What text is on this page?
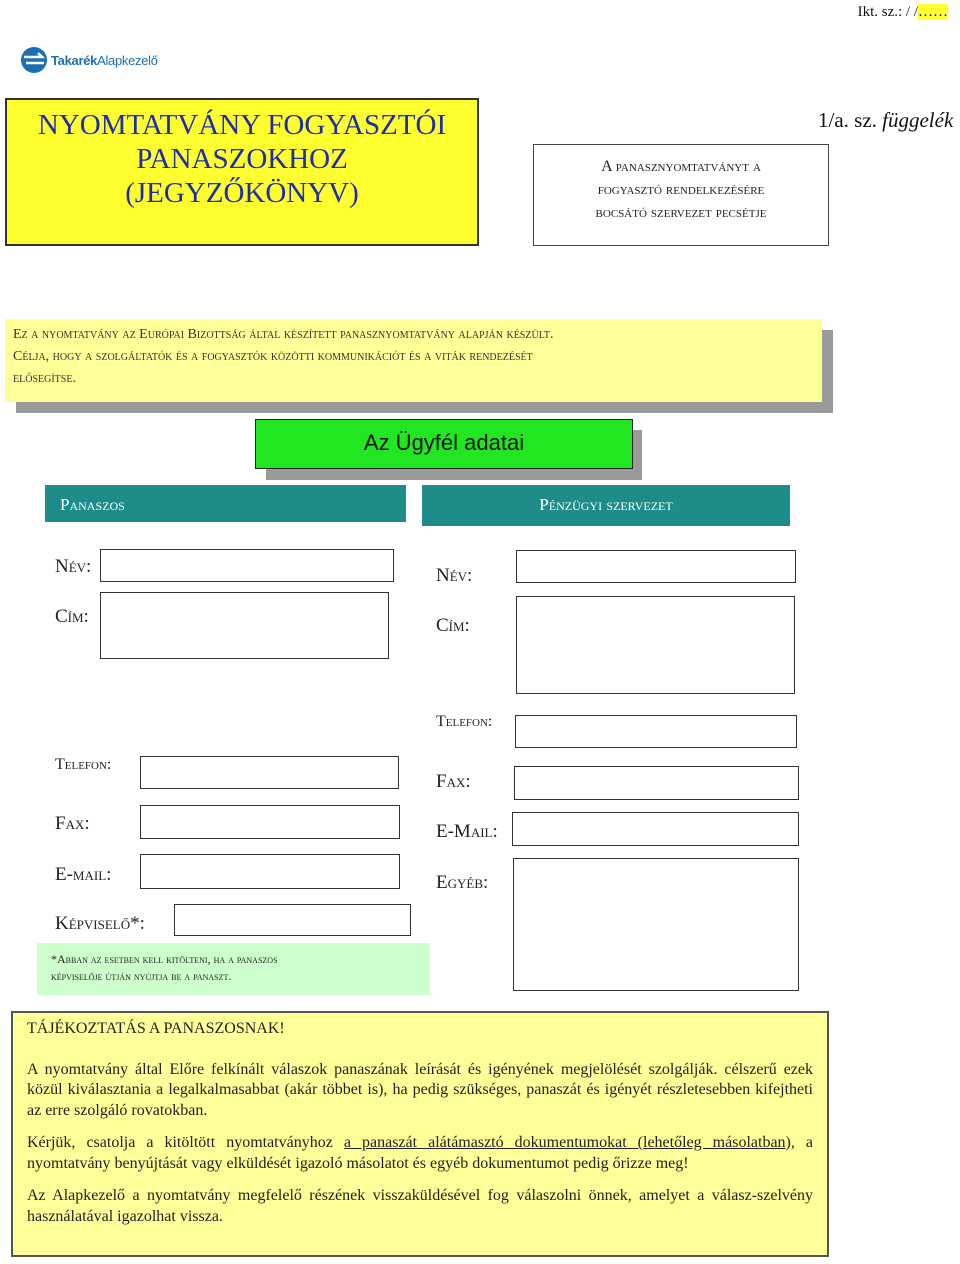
Ikt. sz.: / /……
TakarékAlapkezelő
NYOMTATVÁNY FOGYASZTÓI
PANASZOKHOZ
(JEGYZŐKÖNYV)
1/a. sz. függelék
A panasznyomtatványt a
fogyasztó rendelkezésére
bocsátó szervezet pecsétje
Ez a nyomtatvány az Európai Bizottság által készített panasznyomtatvány alapján készült.
Célja, hogy a szolgáltatók és a fogyasztók közötti kommunikációt és a viták rendezését
elősegítse.
Az Ügyfél adatai
Panaszos	Pénzügyi szervezet
Név:
Cím:
Telefon:
Fax:
E-mail:
Képviselő*:
*Abban az esetben kell kitölteni, ha a panaszos
képviselője útján nyújtja be a panaszt.
Név:
Cím:
Telefon:
Fax:
E-Mail:
Egyéb:

TÁJÉKOZTATÁS A PANASZOSNAK!

A nyomtatvány által Előre felkínált válaszok panaszának leírását és igényének megjelölését szolgálják. célszerű ezek közül kiválasztania a legalkalmasabbat (akár többet is), ha pedig szükséges, panaszát és igényét részletesebben kifejtheti az erre szolgáló rovatokban.

Kérjük, csatolja a kitöltött nyomtatványhoz a panaszát alátámasztó dokumentumokat (lehetőleg másolatban), a nyomtatvány benyújtását vagy elküldését igazoló másolatot és egyéb dokumentumot pedig őrizze meg!

Az Alapkezelő a nyomtatvány megfelelő részének visszaküldésével fog válaszolni önnek, amelyet a válasz-szelvény használatával igazolhat vissza.
